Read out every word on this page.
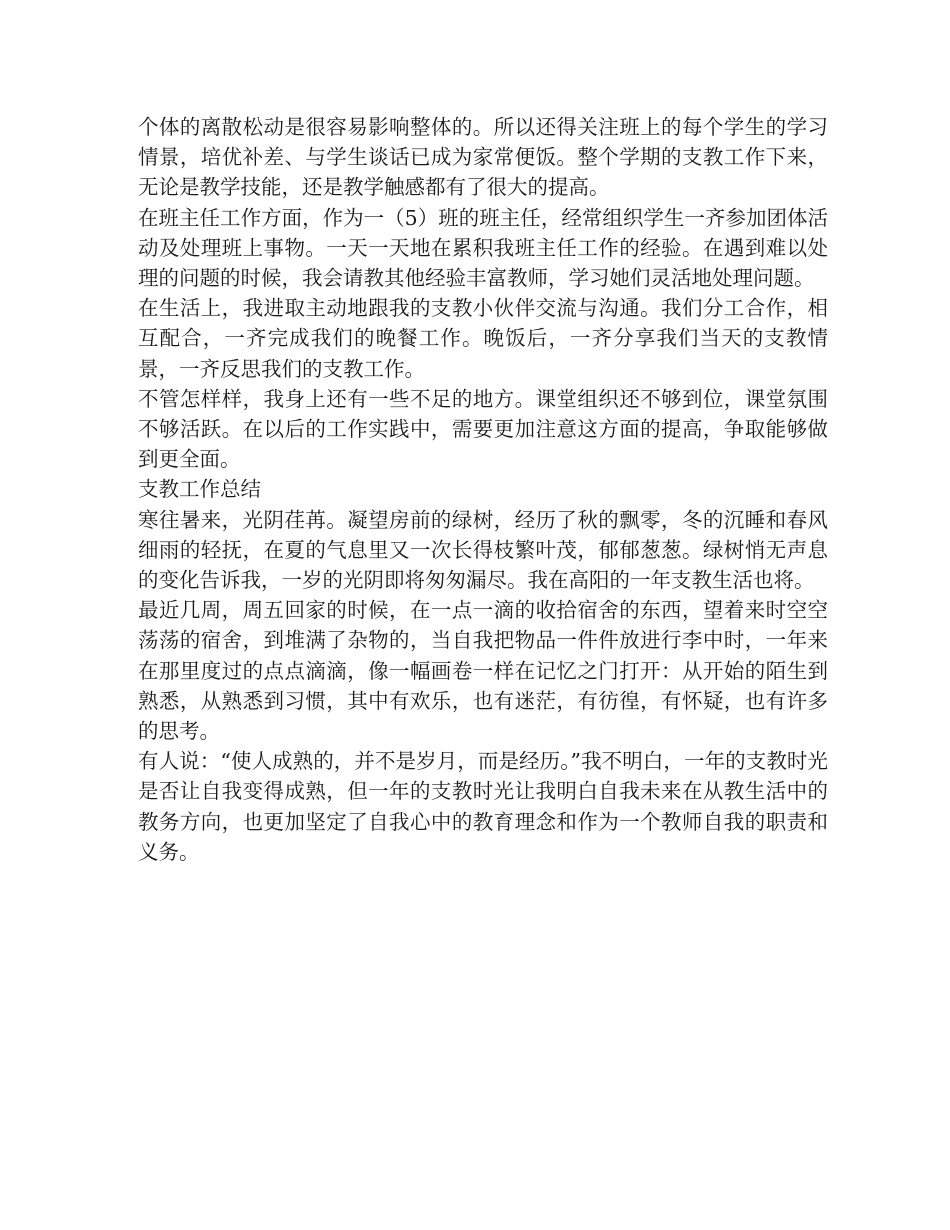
个体的离散松动是很容易影响整体的。所以还得关注班上的每个学生的学习情景，培优补差、与学生谈话已成为家常便饭。整个学期的支教工作下来，无论是教学技能，还是教学触感都有了很大的提高。

在班主任工作方面，作为一（5）班的班主任，经常组织学生一齐参加团体活动及处理班上事物。一天一天地在累积我班主任工作的经验。在遇到难以处理的问题的时候，我会请教其他经验丰富教师，学习她们灵活地处理问题。

在生活上，我进取主动地跟我的支教小伙伴交流与沟通。我们分工合作，相互配合，一齐完成我们的晚餐工作。晚饭后，一齐分享我们当天的支教情景，一齐反思我们的支教工作。

不管怎样样，我身上还有一些不足的地方。课堂组织还不够到位，课堂氛围不够活跃。在以后的工作实践中，需要更加注意这方面的提高，争取能够做到更全面。

支教工作总结

寒往暑来，光阴荏苒。凝望房前的绿树，经历了秋的飘零，冬的沉睡和春风细雨的轻抚，在夏的气息里又一次长得枝繁叶茂，郁郁葱葱。绿树悄无声息的变化告诉我，一岁的光阴即将匆匆漏尽。我在高阳的一年支教生活也将。

最近几周，周五回家的时候，在一点一滴的收拾宿舍的东西，望着来时空空荡荡的宿舍，到堆满了杂物的，当自我把物品一件件放进行李中时，一年来在那里度过的点点滴滴，像一幅画卷一样在记忆之门打开：从开始的陌生到熟悉，从熟悉到习惯，其中有欢乐，也有迷茫，有彷徨，有怀疑，也有许多的思考。

有人说：“使人成熟的，并不是岁月，而是经历。”我不明白，一年的支教时光是否让自我变得成熟，但一年的支教时光让我明白自我未来在从教生活中的教务方向，也更加坚定了自我心中的教育理念和作为一个教师自我的职责和义务。
